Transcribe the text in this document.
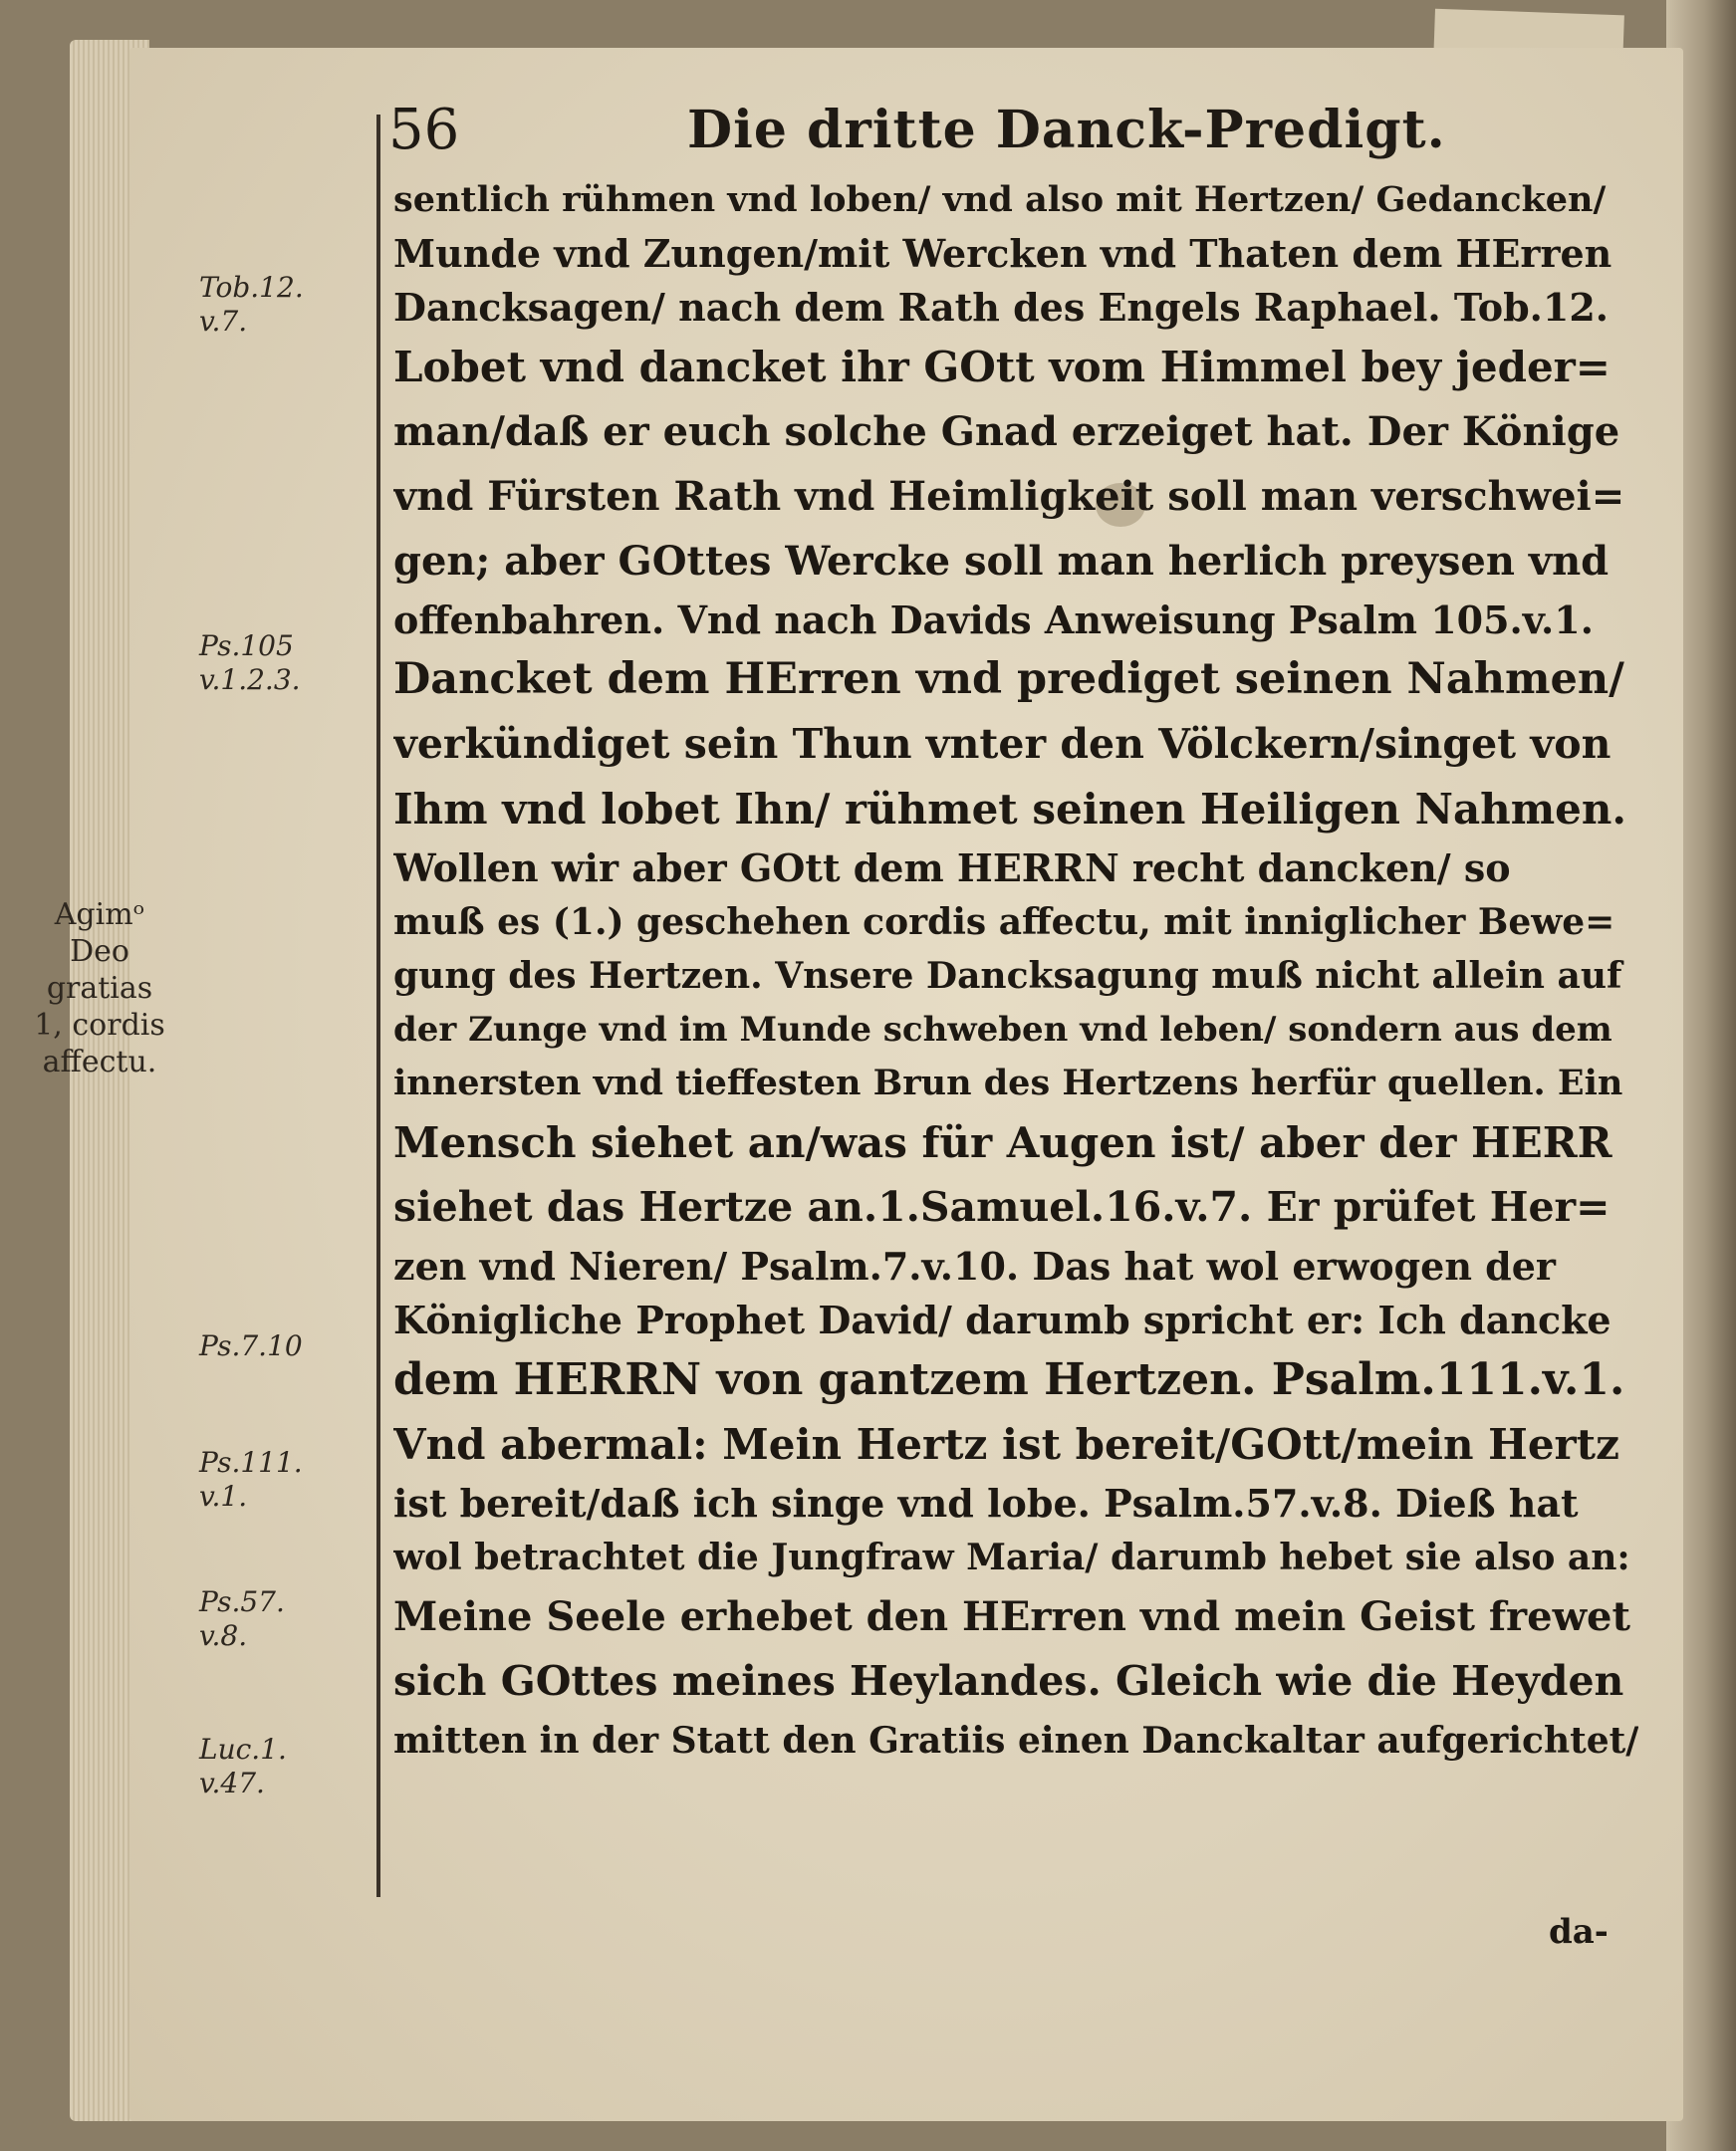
56	Die dritte Danck-Predigt.
Tob.12.
v.7.
Ps.105
v.1.2.3.
Ps.7.10
Ps.111.
v.1.
Ps.57.
v.8.
Luc.1.
v.47.
Agimᵒ
Deo
gratias
1, cordis
affectu.
sentlich rühmen vnd loben/ vnd also mit Hertzen/ Gedancken/
Munde vnd Zungen/mit Wercken vnd Thaten dem HErren
Dancksagen/ nach dem Rath des Engels Raphael. Tob.12.
Lobet vnd dancket ihr GOtt vom Himmel bey jeder=
man/daß er euch solche Gnad erzeiget hat. Der Könige
vnd Fürsten Rath vnd Heimligkeit soll man verschwei=
gen; aber GOttes Wercke soll man herlich preysen vnd
offenbahren. Vnd nach Davids Anweisung Psalm 105.v.1.
Dancket dem HErren vnd prediget seinen Nahmen/
verkündiget sein Thun vnter den Völckern/singet von
Ihm vnd lobet Ihn/ rühmet seinen Heiligen Nahmen.
Wollen wir aber GOtt dem HERRN recht dancken/ so
muß es (1.) geschehen cordis affectu, mit inniglicher Bewe=
gung des Hertzen. Vnsere Dancksagung muß nicht allein auf
der Zunge vnd im Munde schweben vnd leben/ sondern aus dem
innersten vnd tieffesten Brun des Hertzens herfür quellen. Ein
Mensch siehet an/was für Augen ist/ aber der HERR
siehet das Hertze an.1.Samuel.16.v.7. Er prüfet Her=
zen vnd Nieren/ Psalm.7.v.10. Das hat wol erwogen der
Königliche Prophet David/ darumb spricht er: Ich dancke
dem HERRN von gantzem Hertzen. Psalm.111.v.1.
Vnd abermal: Mein Hertz ist bereit/GOtt/mein Hertz
ist bereit/daß ich singe vnd lobe. Psalm.57.v.8. Dieß hat
wol betrachtet die Jungfraw Maria/ darumb hebet sie also an:
Meine Seele erhebet den HErren vnd mein Geist frewet
sich GOttes meines Heylandes. Gleich wie die Heyden
mitten in der Statt den Gratiis einen Danckaltar aufgerichtet/
da-
